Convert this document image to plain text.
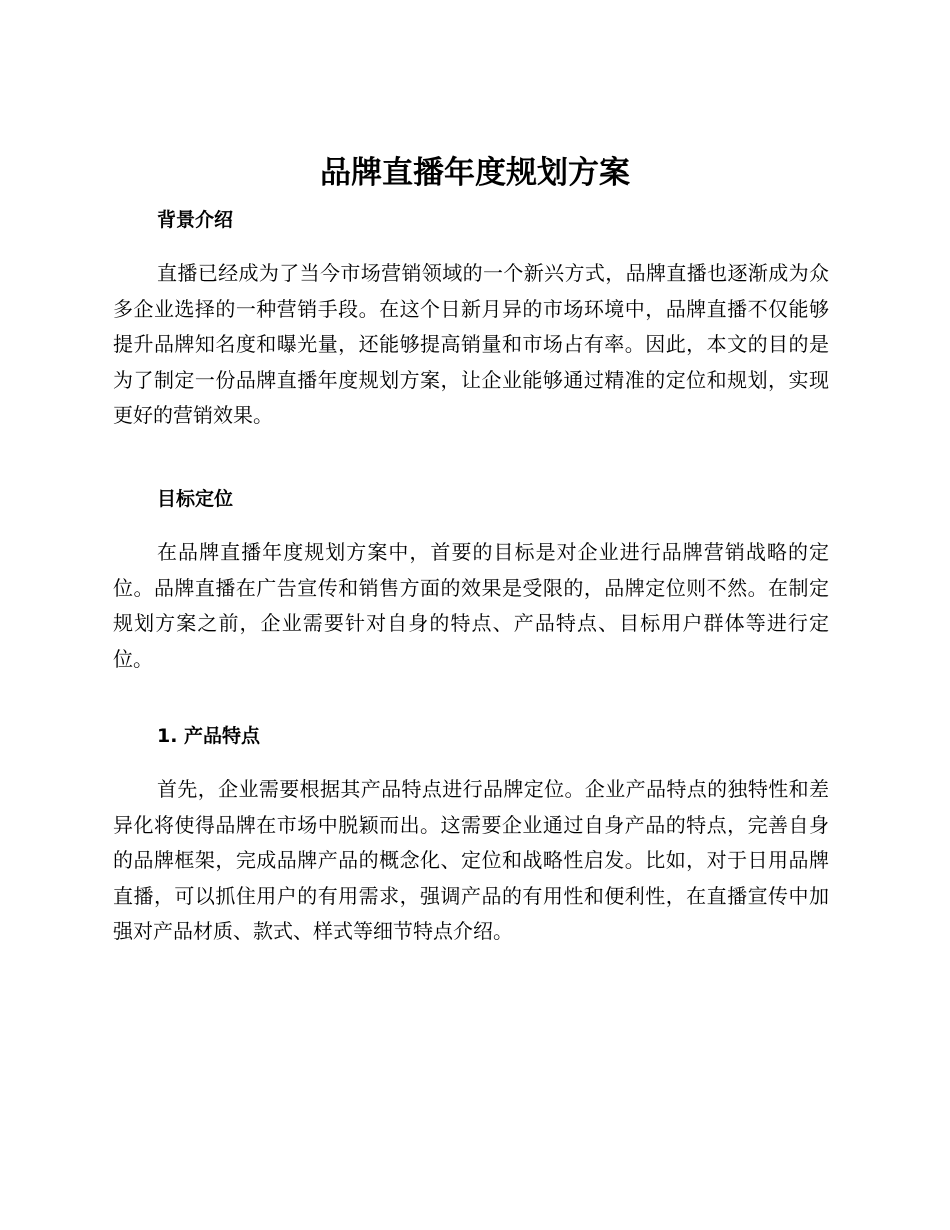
品牌直播年度规划方案
背景介绍

直播已经成为了当今市场营销领域的一个新兴方式，品牌直播也逐渐成为众多企业选择的一种营销手段。在这个日新月异的市场环境中，品牌直播不仅能够提升品牌知名度和曝光量，还能够提高销量和市场占有率。因此，本文的目的是为了制定一份品牌直播年度规划方案，让企业能够通过精准的定位和规划，实现更好的营销效果。

目标定位

在品牌直播年度规划方案中，首要的目标是对企业进行品牌营销战略的定位。品牌直播在广告宣传和销售方面的效果是受限的，品牌定位则不然。在制定规划方案之前，企业需要针对自身的特点、产品特点、目标用户群体等进行定位。

1. 产品特点

首先，企业需要根据其产品特点进行品牌定位。企业产品特点的独特性和差异化将使得品牌在市场中脱颖而出。这需要企业通过自身产品的特点，完善自身的品牌框架，完成品牌产品的概念化、定位和战略性启发。比如，对于日用品牌直播，可以抓住用户的有用需求，强调产品的有用性和便利性，在直播宣传中加强对产品材质、款式、样式等细节特点介绍。
